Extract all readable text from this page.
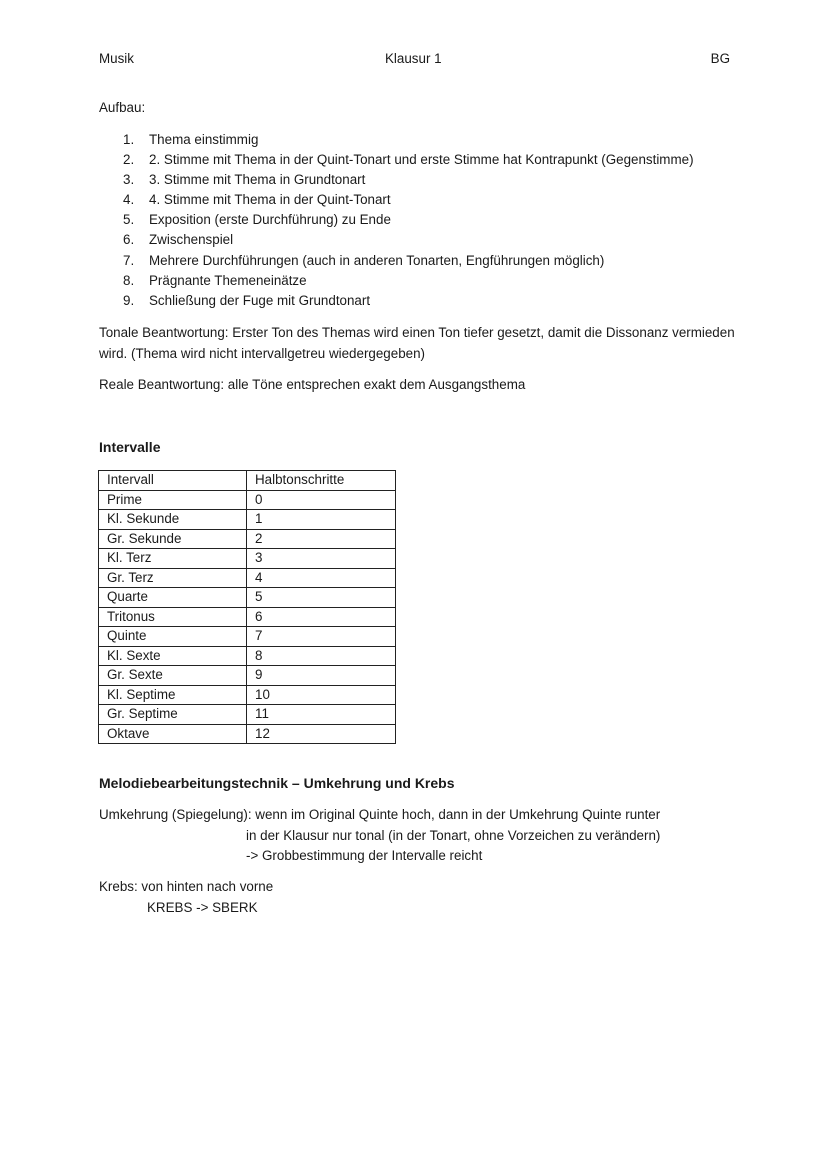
Musik	Klausur 1	BG
Aufbau:
1. Thema einstimmig
2. 2. Stimme mit Thema in der Quint-Tonart und erste Stimme hat Kontrapunkt (Gegenstimme)
3. 3. Stimme mit Thema in Grundtonart
4. 4. Stimme mit Thema in der Quint-Tonart
5. Exposition (erste Durchführung) zu Ende
6. Zwischenspiel
7. Mehrere Durchführungen (auch in anderen Tonarten, Engführungen möglich)
8. Prägnante Themeneinätze
9. Schließung der Fuge mit Grundtonart
Tonale Beantwortung: Erster Ton des Themas wird einen Ton tiefer gesetzt, damit die Dissonanz vermieden wird. (Thema wird nicht intervallgetreu wiedergegeben)
Reale Beantwortung: alle Töne entsprechen exakt dem Ausgangsthema
Intervalle
Intervall	Halbtonschritte
Prime	0
Kl. Sekunde	1
Gr. Sekunde	2
Kl. Terz	3
Gr. Terz	4
Quarte	5
Tritonus	6
Quinte	7
Kl. Sexte	8
Gr. Sexte	9
Kl. Septime	10
Gr. Septime	11
Oktave	12
Melodiebearbeitungstechnik – Umkehrung und Krebs
Umkehrung (Spiegelung): wenn im Original Quinte hoch, dann in der Umkehrung Quinte runter
in der Klausur nur tonal (in der Tonart, ohne Vorzeichen zu verändern)
-> Grobbestimmung der Intervalle reicht
Krebs: von hinten nach vorne
KREBS -> SBERK
